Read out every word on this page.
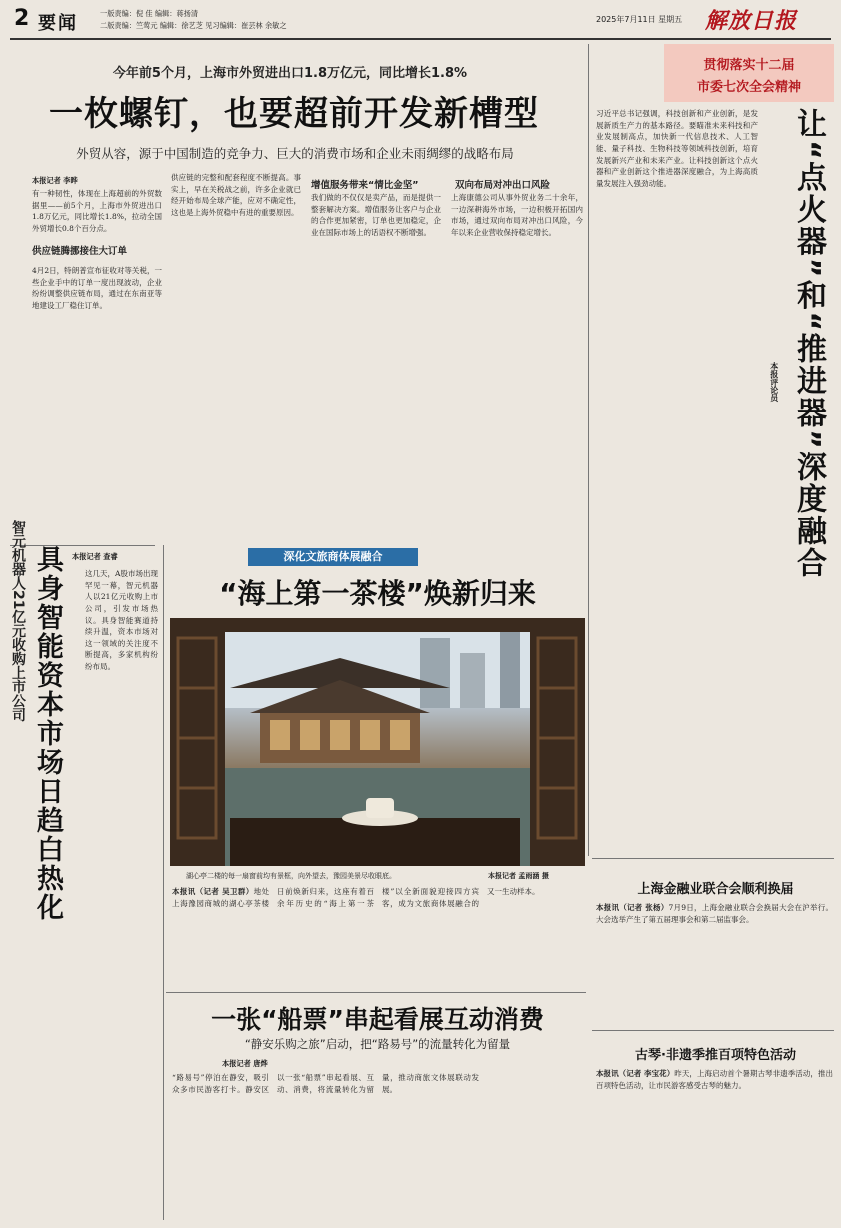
2 要闻	一版责编：倪 佳 编辑：蒋扬清
二版责编：竺莺元 编辑：徐艺芝 见习编辑：崔芸林 余敏之
2025年7月11日 星期五 解放日报
今年前5个月，上海市外贸进出口1.8万亿元，同比增长1.8%
一枚螺钉，也要超前开发新槽型
外贸从容，源于中国制造的竞争力、巨大的消费市场和企业未雨绸缪的战略布局
本报记者 李晔
有一种韧性，体现在上海超前的外贸数据里——前5个月，上海市外贸进出口1.8万亿元，同比增长1.8%，拉动全国外贸增长0.8个百分点。
供应链腾挪接住大订单
4月2日，特朗普宣布征收对等关税，一些企业手中的订单一度出现波动，企业纷纷调整供应链布局，通过在东南亚等地建设工厂稳住订单。
供应链的完整和配套程度不断提高。事实上，早在关税战之前，许多企业就已经开始布局全球产能，应对不确定性，这也是上海外贸稳中有进的重要原因。
增值服务带来“情比金坚”
我们做的不仅仅是卖产品，而是提供一整套解决方案。增值服务让客户与企业的合作更加紧密，订单也更加稳定，企业在国际市场上的话语权不断增强。
双向布局对冲出口风险
上海康德公司从事外贸业务二十余年，一边深耕海外市场，一边积极开拓国内市场，通过双向布局对冲出口风险，今年以来企业营收保持稳定增长。
本报记者 查睿
智元机器人21亿元收购上市公司 具身智能资本市场日趋白热化	这几天，A股市场出现罕见一幕，智元机器人以21亿元收购上市公司，引发市场热议。具身智能赛道持续升温，资本市场对这一领域的关注度不断提高，多家机构纷纷布局。
贯彻落实十二届
市委七次全会精神
让“点火器”和“推进器”深度融合
本报评论员
习近平总书记强调，科技创新和产业创新，是发展新质生产力的基本路径。要瞄准未来科技和产业发展制高点，加快新一代信息技术、人工智能、量子科技、生物科技等领域科技创新，培育发展新兴产业和未来产业。让科技创新这个点火器和产业创新这个推进器深度融合，为上海高质量发展注入强劲动能。
深化文旅商体展融合
“海上第一茶楼”焕新归来
湖心亭二楼的每一扇窗前均有景框，向外望去，豫园美景尽收眼底。	本报记者 孟雨涵 摄
本报讯（记者 吴卫群）地处上海豫园商城的湖心亭茶楼日前焕新归来，这座有着百余年历史的“海上第一茶楼”以全新面貌迎接四方宾客，成为文旅商体展融合的又一生动样本。
一张“船票”串起看展互动消费
“静安乐购之旅”启动，把“路易号”的流量转化为留量
本报记者 唐烨
“路易号”停泊在静安，吸引众多市民游客打卡。静安区以一张“船票”串起看展、互动、消费，将流量转化为留量，推动商旅文体展联动发展。
上海金融业联合会顺利换届
本报讯（记者 张杨）7月9日，上海金融业联合会换届大会在沪举行。大会选举产生了第五届理事会和第二届监事会。
古琴·非遗季推百项特色活动
本报讯（记者 李宝花）昨天，上海启动首个暑期古琴非遗季活动，推出百项特色活动，让市民游客感受古琴的魅力。
